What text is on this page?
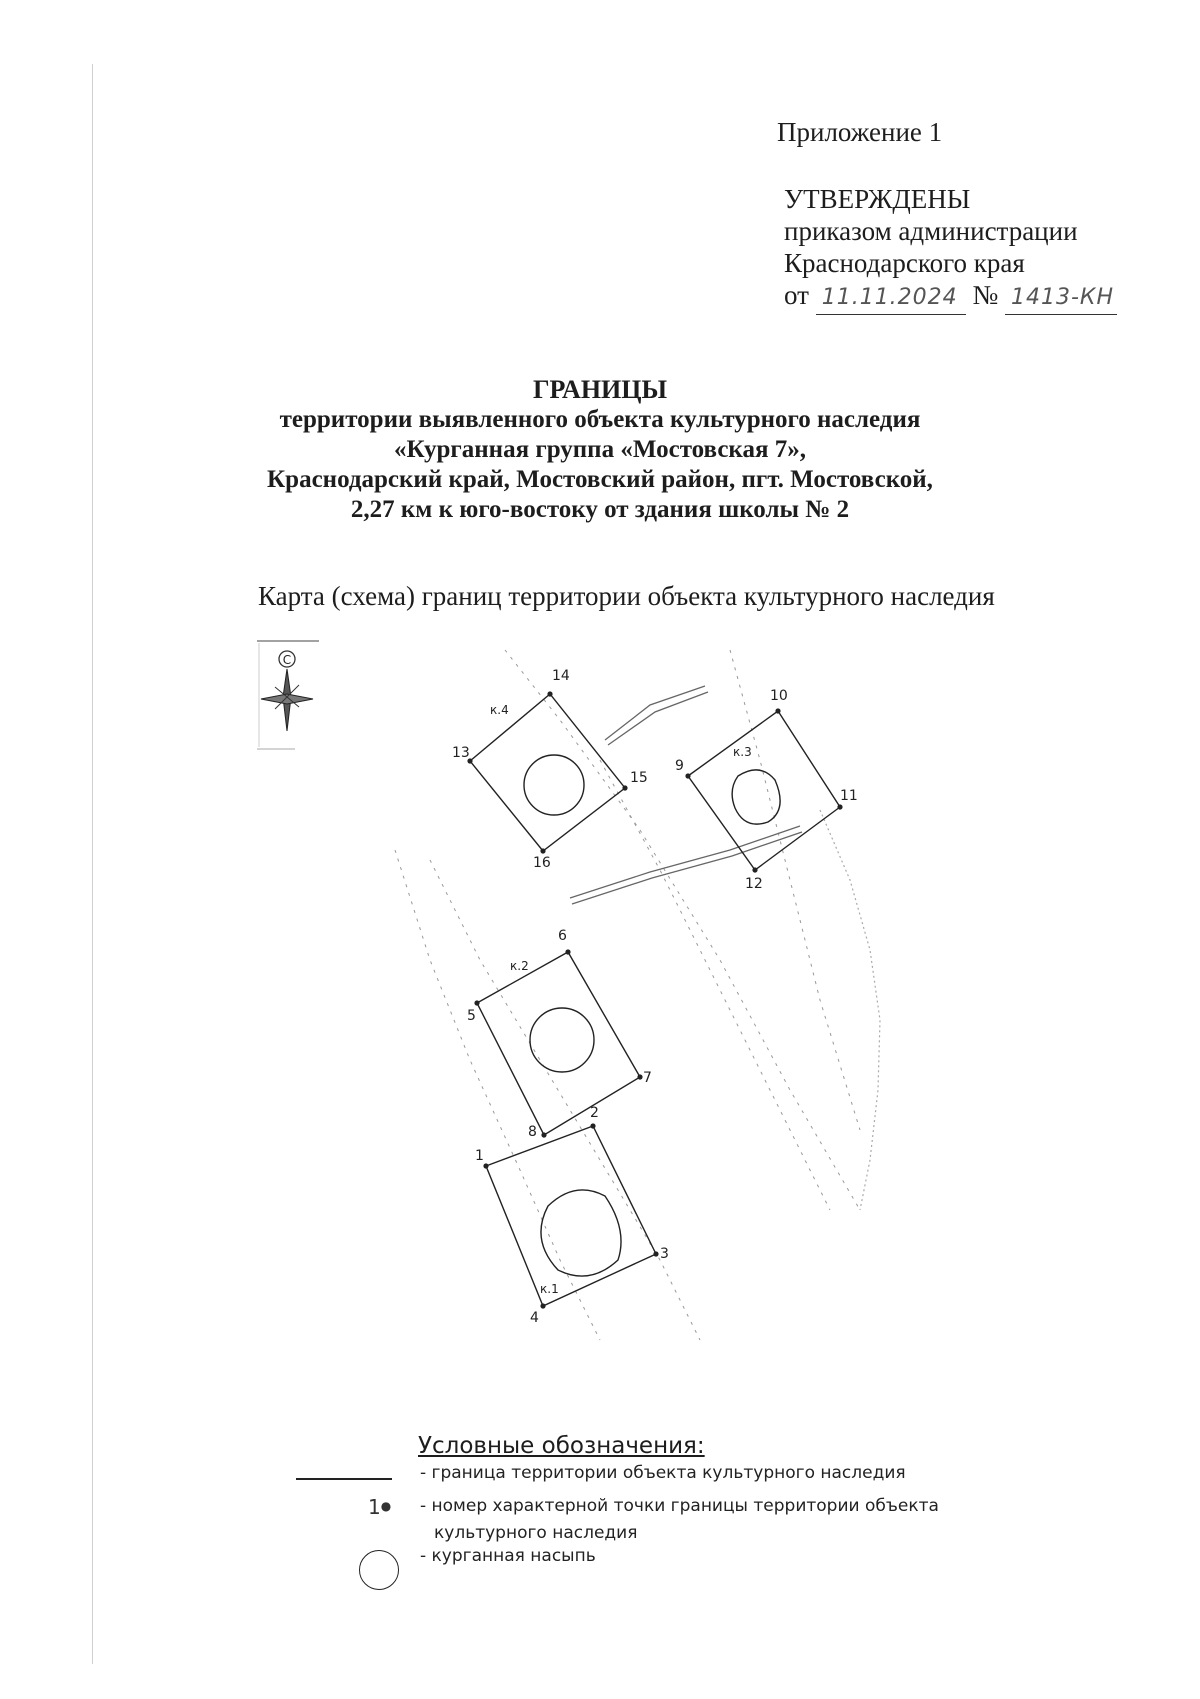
Приложение 1
УТВЕРЖДЕНЫ
приказом администрации
Краснодарского края
от 11.11.2024 № 1413-КН
ГРАНИЦЫ
территории выявленного объекта культурного наследия
«Курганная группа «Мостовская 7»,
Краснодарский край, Мостовский район, пгт. Мостовской,
2,27 км к юго-востоку от здания школы № 2
Карта (схема) границ территории объекта культурного наследия
С
1
2
3
4
5
6
7
8
9
10
11
12
13
14
15
16
к.1
к.2
к.3
к.4
Условные обозначения:
- граница территории объекта культурного наследия
1● - номер характерной точки границы территории объекта
культурного наследия
- курганная насыпь
